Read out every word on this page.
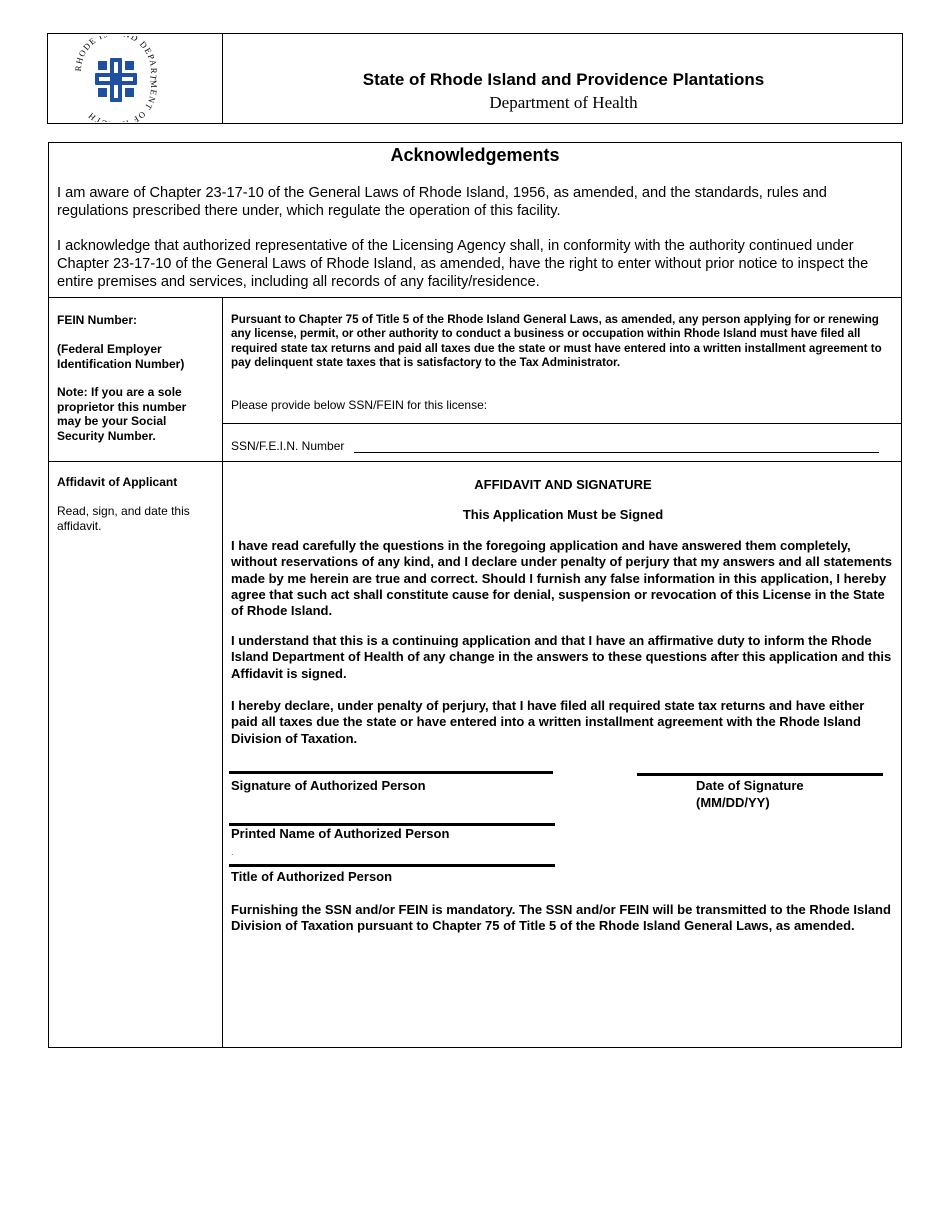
RHODE D DEPARTMENT OF TH
State of Rhode Island and Providence Plantations
Department of Health
Acknowledgements
I am aware of Chapter 23-17-10 of the General Laws of Rhode Island, 1956, as amended, and the standards, rules and regulations prescribed there under, which regulate the operation of this facility.
I acknowledge that authorized representative of the Licensing Agency shall, in conformity with the authority continued under Chapter 23-17-10 of the General Laws of Rhode Island, as amended, have the right to enter without prior notice to inspect the entire premises and services, including all records of any facility/residence.
FEIN Number:
(Federal Employer Identification Number)
Note: If you are a sole proprietor this number may be your Social Security Number.
Pursuant to Chapter 75 of Title 5 of the Rhode Island General Laws, as amended, any person applying for or renewing any license, permit, or other authority to conduct a business or occupation within Rhode Island must have filed all required state tax returns and paid all taxes due the state or must have entered into a written installment agreement to pay delinquent state taxes that is satisfactory to the Tax Administrator.
Please provide below SSN/FEIN for this license:
SSN/F.E.I.N. Number
Affidavit of Applicant
Read, sign, and date this affidavit.
AFFIDAVIT AND SIGNATURE
This Application Must be Signed
I have read carefully the questions in the foregoing application and have answered them completely, without reservations of any kind, and I declare under penalty of perjury that my answers and all statements made by me herein are true and correct. Should I furnish any false information in this application, I hereby agree that such act shall constitute cause for denial, suspension or revocation of this License in the State of Rhode Island.
I understand that this is a continuing application and that I have an affirmative duty to inform the Rhode Island Department of Health of any change in the answers to these questions after this application and this Affidavit is signed.
I hereby declare, under penalty of perjury, that I have filed all required state tax returns and have either paid all taxes due the state or have entered into a written installment agreement with the Rhode Island Division of Taxation.
Signature of Authorized Person	Date of Signature
(MM/DD/YY)
Printed Name of Authorized Person
.
Title of Authorized Person
Furnishing the SSN and/or FEIN is mandatory. The SSN and/or FEIN will be transmitted to the Rhode Island Division of Taxation pursuant to Chapter 75 of Title 5 of the Rhode Island General Laws, as amended.
